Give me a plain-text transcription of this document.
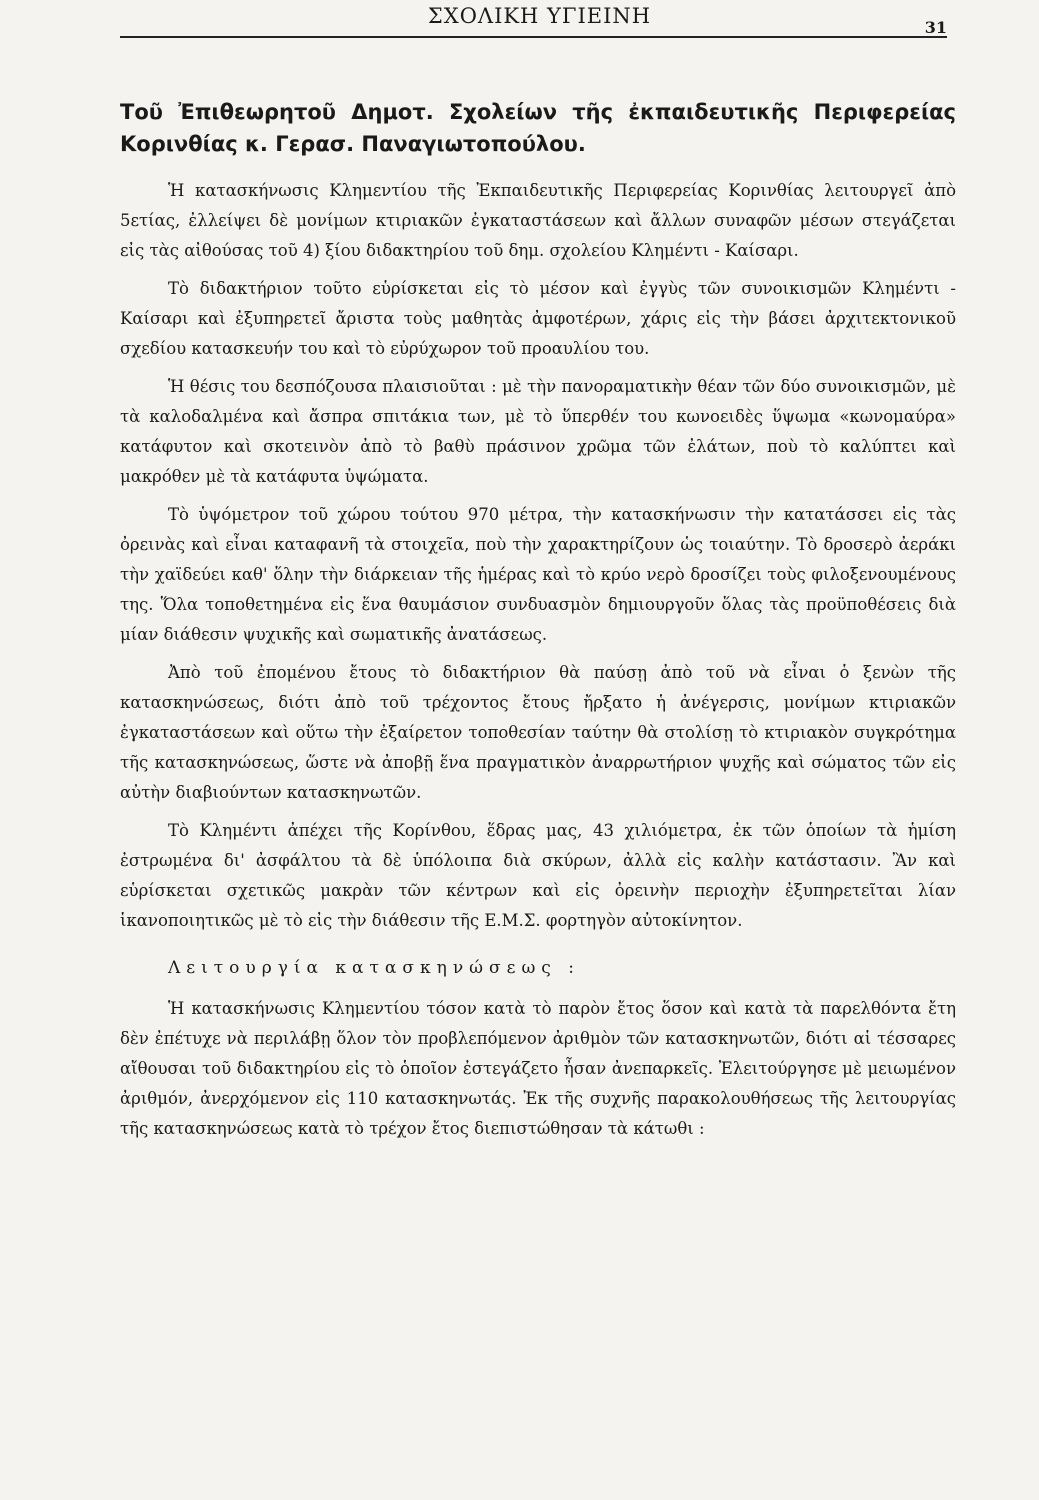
ΣΧΟΛΙΚΗ ΥΓΙΕΙΝΗ	31

Τοῦ Ἐπιθεωρητοῦ Δημοτ. Σχολείων τῆς ἐκπαιδευτικῆς Περιφερείας Κορινθίας κ. Γερασ. Παναγιωτοπούλου.

Ἡ κατασκήνωσις Κλημεντίου τῆς Ἐκπαιδευτικῆς Περιφερείας Κορινθίας λειτουργεῖ ἀπὸ 5ετίας, ἐλλείψει δὲ μονίμων κτιριακῶν ἐγκαταστάσεων καὶ ἄλλων συναφῶν μέσων στεγάζεται εἰς τὰς αἰθούσας τοῦ 4) ξίου διδακτηρίου τοῦ δημ. σχολείου Κλημέντι - Καίσαρι.

Τὸ διδακτήριον τοῦτο εὑρίσκεται εἰς τὸ μέσον καὶ ἐγγὺς τῶν συνοικισμῶν Κλημέντι - Καίσαρι καὶ ἐξυπηρετεῖ ἄριστα τοὺς μαθητὰς ἀμφοτέρων, χάρις εἰς τὴν βάσει ἀρχιτεκτονικοῦ σχεδίου κατασκευήν του καὶ τὸ εὐρύχωρον τοῦ προαυλίου του.

Ἡ θέσις του δεσπόζουσα πλαισιοῦται : μὲ τὴν πανοραματικὴν θέαν τῶν δύο συνοικισμῶν, μὲ τὰ καλοδαλμένα καὶ ἄσπρα σπιτάκια των, μὲ τὸ ὕπερθέν του κωνοειδὲς ὕψωμα «κωνομαύρα» κατάφυτον καὶ σκοτεινὸν ἀπὸ τὸ βαθὺ πράσινον χρῶμα τῶν ἐλάτων, ποὺ τὸ καλύπτει καὶ μακρόθεν μὲ τὰ κατάφυτα ὑψώματα.

Τὸ ὑψόμετρον τοῦ χώρου τούτου 970 μέτρα, τὴν κατασκήνωσιν τὴν κατατάσσει εἰς τὰς ὀρεινὰς καὶ εἶναι καταφανῆ τὰ στοιχεῖα, ποὺ τὴν χαρακτηρίζουν ὡς τοιαύτην. Τὸ δροσερὸ ἀεράκι τὴν χαϊδεύει καθ' ὅλην τὴν διάρκειαν τῆς ἡμέρας καὶ τὸ κρύο νερὸ δροσίζει τοὺς φιλοξενουμένους της. Ὅλα τοποθετημένα εἰς ἕνα θαυμάσιον συνδυασμὸν δημιουργοῦν ὅλας τὰς προϋποθέσεις διὰ μίαν διάθεσιν ψυχικῆς καὶ σωματικῆς ἀνατάσεως.

Ἀπὸ τοῦ ἐπομένου ἔτους τὸ διδακτήριον θὰ παύσῃ ἀπὸ τοῦ νὰ εἶναι ὁ ξενὼν τῆς κατασκηνώσεως, διότι ἀπὸ τοῦ τρέχοντος ἔτους ἤρξατο ἡ ἀνέγερσις, μονίμων κτιριακῶν ἐγκαταστάσεων καὶ οὕτω τὴν ἐξαίρετον τοποθεσίαν ταύτην θὰ στολίσῃ τὸ κτιριακὸν συγκρότημα τῆς κατασκηνώσεως, ὥστε νὰ ἀποβῇ ἕνα πραγματικὸν ἀναρρωτήριον ψυχῆς καὶ σώματος τῶν εἰς αὐτὴν διαβιούντων κατασκηνωτῶν.

Τὸ Κλημέντι ἀπέχει τῆς Κορίνθου, ἕδρας μας, 43 χιλιόμετρα, ἐκ τῶν ὁποίων τὰ ἡμίση ἐστρωμένα δι' ἀσφάλτου τὰ δὲ ὑπόλοιπα διὰ σκύρων, ἀλλὰ εἰς καλὴν κατάστασιν. Ἂν καὶ εὑρίσκεται σχετικῶς μακρὰν τῶν κέντρων καὶ εἰς ὀρεινὴν περιοχὴν ἐξυπηρετεῖται λίαν ἱκανοποιητικῶς μὲ τὸ εἰς τὴν διάθεσιν τῆς Ε.Μ.Σ. φορτηγὸν αὐτοκίνητον.

Λειτουργία κατασκηνώσεως :

Ἡ κατασκήνωσις Κλημεντίου τόσον κατὰ τὸ παρὸν ἔτος ὅσον καὶ κατὰ τὰ παρελθόντα ἔτη δὲν ἐπέτυχε νὰ περιλάβῃ ὅλον τὸν προβλεπόμενον ἀριθμὸν τῶν κατασκηνωτῶν, διότι αἱ τέσσαρες αἴθουσαι τοῦ διδακτηρίου εἰς τὸ ὁποῖον ἐστεγάζετο ἦσαν ἀνεπαρκεῖς. Ἐλειτούργησε μὲ μειωμένον ἀριθμόν, ἀνερχόμενον εἰς 110 κατασκηνωτάς. Ἐκ τῆς συχνῆς παρακολουθήσεως τῆς λειτουργίας τῆς κατασκηνώσεως κατὰ τὸ τρέχον ἔτος διεπιστώθησαν τὰ κάτωθι :
